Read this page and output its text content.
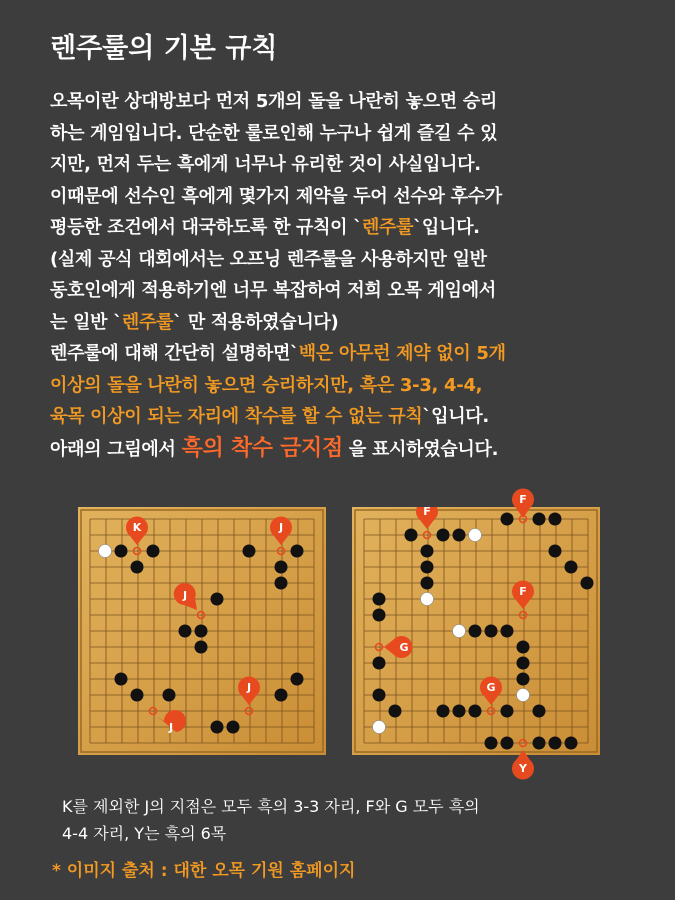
렌주룰의 기본 규칙
오목이란 상대방보다 먼저 5개의 돌을 나란히 놓으면 승리
하는 게임입니다. 단순한 룰로인해 누구나 쉽게 즐길 수 있
지만, 먼저 두는 흑에게 너무나 유리한 것이 사실입니다.
이때문에 선수인 흑에게 몇가지 제약을 두어 선수와 후수가
평등한 조건에서 대국하도록 한 규칙이 `렌주룰`입니다.
(실제 공식 대회에서는 오프닝 렌주룰을 사용하지만 일반
동호인에게 적용하기엔 너무 복잡하여 저희 오목 게임에서
는 일반 `렌주룰` 만 적용하였습니다)
렌주룰에 대해 간단히 설명하면`백은 아무런 제약 없이 5개
이상의 돌을 나란히 놓으면 승리하지만, 흑은 3-3, 4-4,
육목 이상이 되는 자리에 착수를 할 수 없는 규칙`입니다.
아래의 그림에서 흑의 착수 금지점 을 표시하였습니다.
K	J
J
J
J
F
F
G
G
F
Y
K를 제외한 J의 지점은 모두 흑의 3-3 자리, F와 G 모두 흑의
4-4 자리, Y는 흑의 6목
* 이미지 출처 : 대한 오목 기원 홈페이지
